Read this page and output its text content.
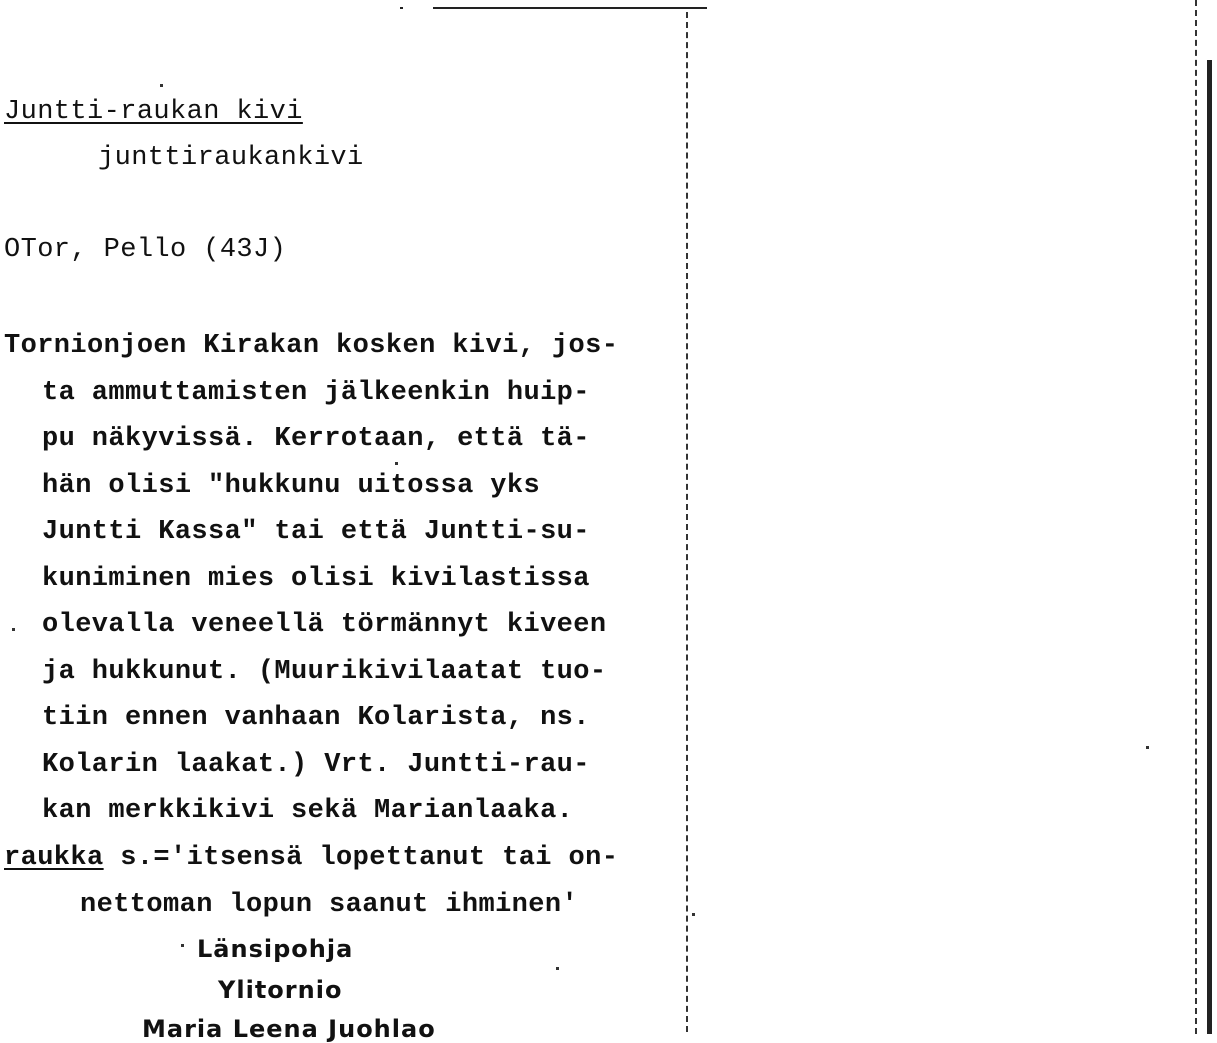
Juntti-raukan kivi
junttiraukankivi
OTor, Pello (43J)
Tornionjoen Kirakan kosken kivi, jos-
ta ammuttamisten jälkeenkin huip-
pu näkyvissä. Kerrotaan, että tä-
hän olisi "hukkunu uitossa yks
Juntti Kassa" tai että Juntti-su-
kuniminen mies olisi kivilastissa
olevalla veneellä törmännyt kiveen
ja hukkunut. (Muurikivilaatat tuo-
tiin ennen vanhaan Kolarista, ns.
Kolarin laakat.) Vrt. Juntti-rau-
kan merkkikivi sekä Marianlaaka.
raukka s.='itsensä lopettanut tai on-
nettoman lopun saanut ihminen'
Länsipohja
Ylitornio
Maria Leena Juohlao
